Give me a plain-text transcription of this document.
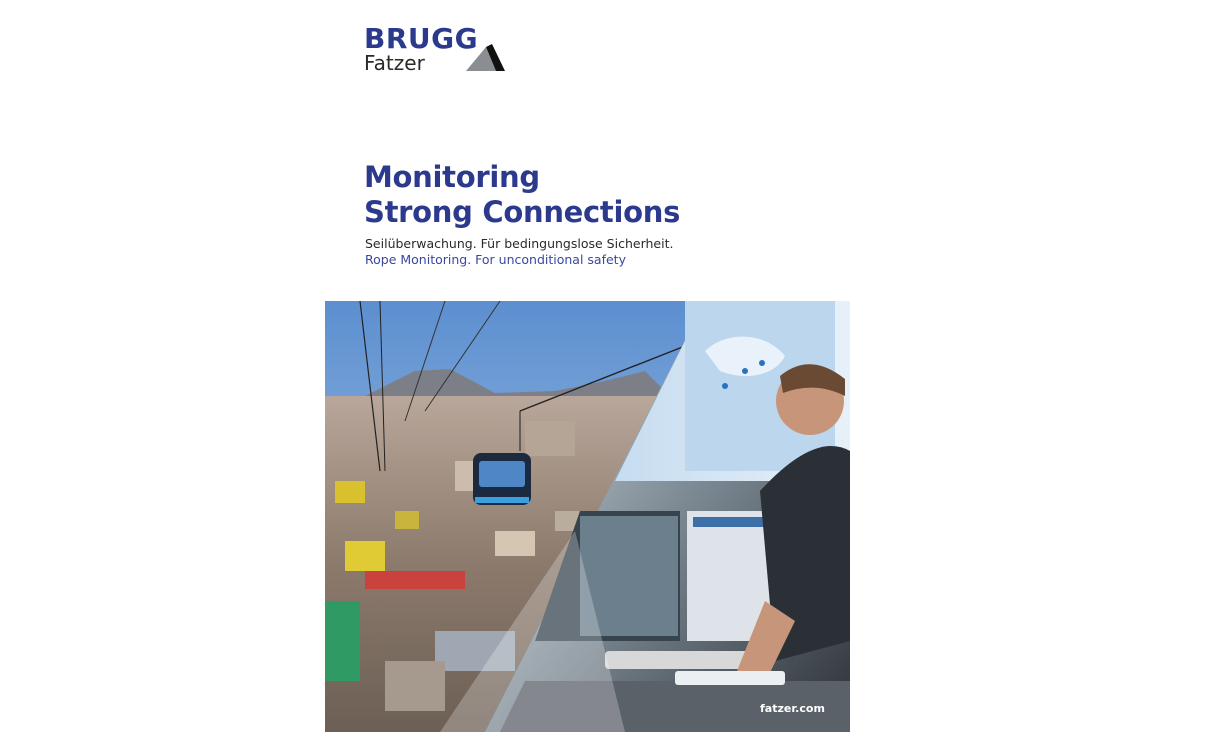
BRUGG
Fatzer
Monitoring
Strong Connections
Seilüberwachung. Für bedingungslose Sicherheit.
Rope Monitoring. For unconditional safety
fatzer.com
